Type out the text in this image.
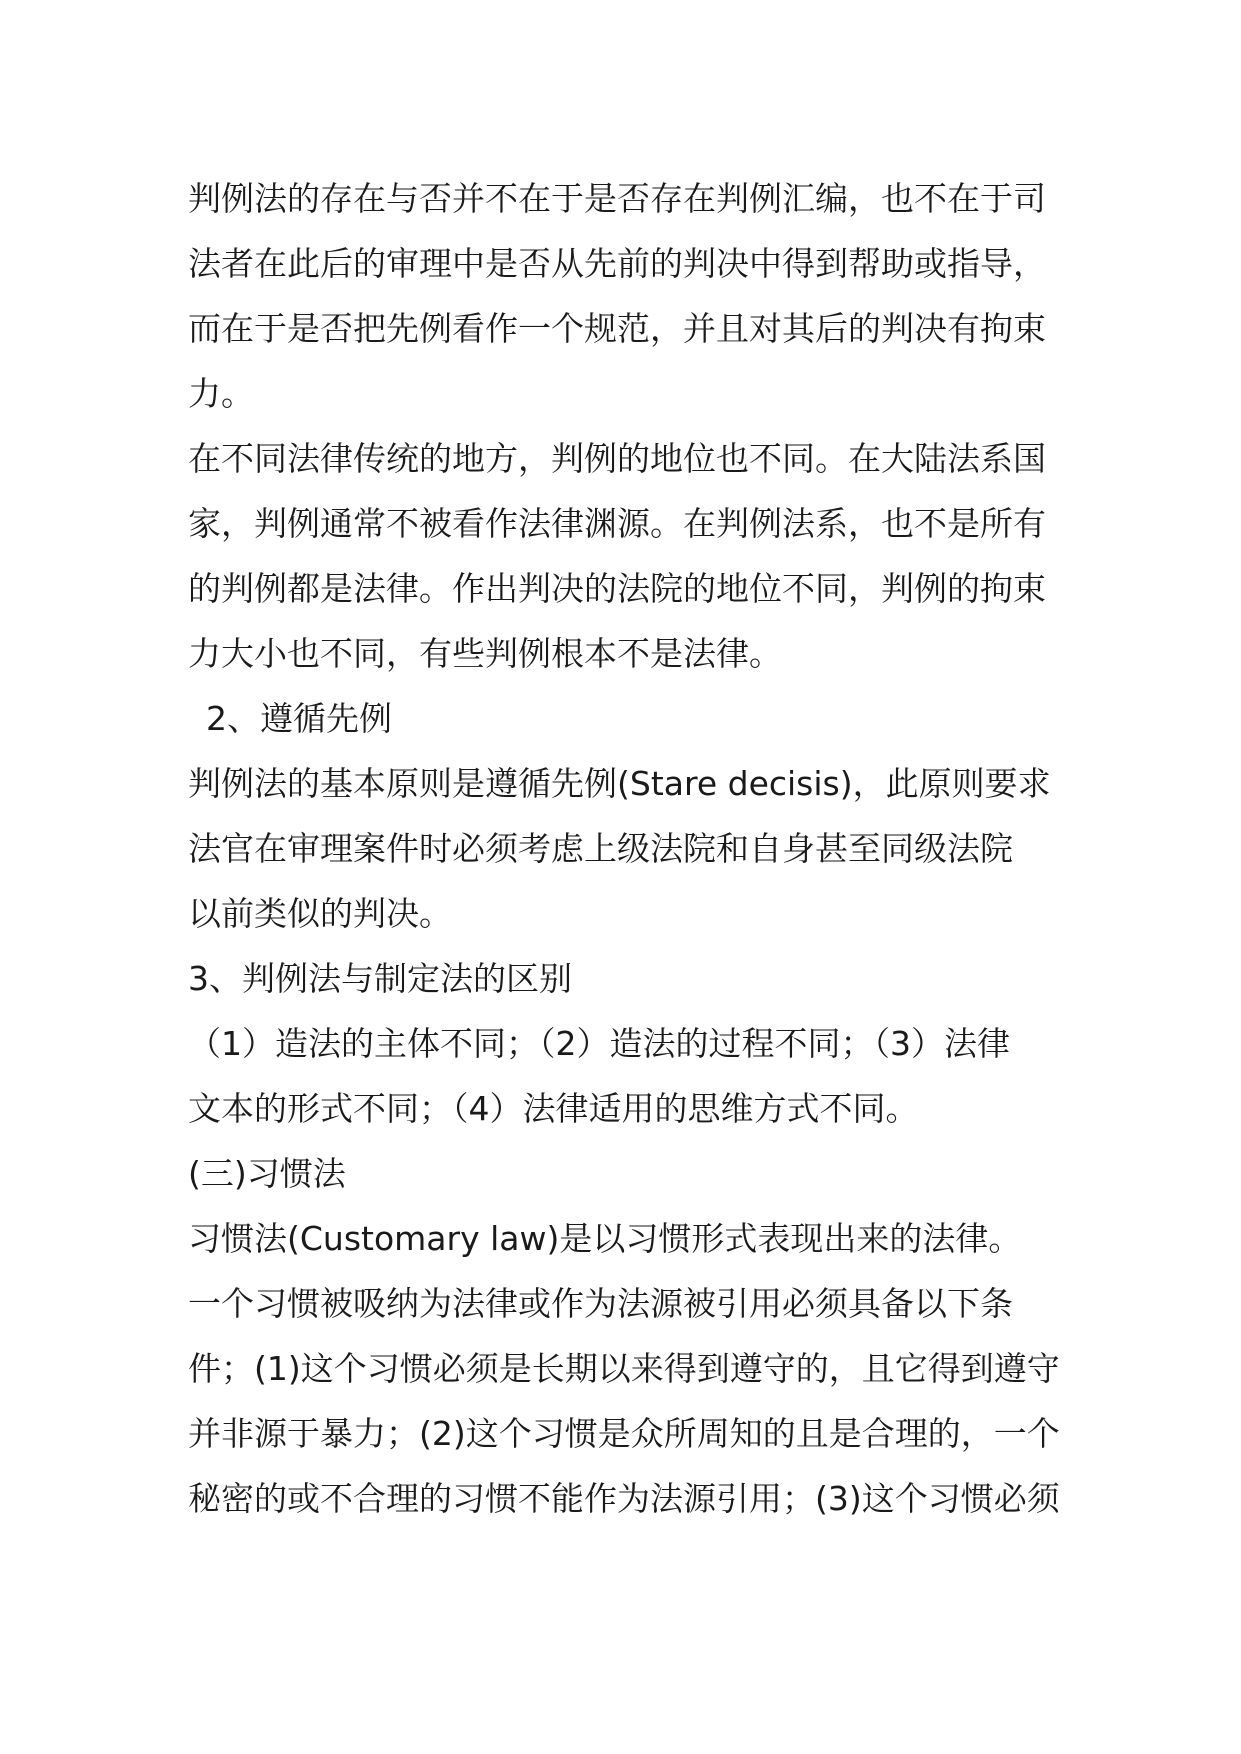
判例法的存在与否并不在于是否存在判例汇编，也不在于司
法者在此后的审理中是否从先前的判决中得到帮助或指导，
而在于是否把先例看作一个规范，并且对其后的判决有拘束
力。
在不同法律传统的地方，判例的地位也不同。在大陆法系国
家，判例通常不被看作法律渊源。在判例法系，也不是所有
的判例都是法律。作出判决的法院的地位不同，判例的拘束
力大小也不同，有些判例根本不是法律。
2、遵循先例
判例法的基本原则是遵循先例(Stare decisis)，此原则要求
法官在审理案件时必须考虑上级法院和自身甚至同级法院
以前类似的判决。
3、判例法与制定法的区别
（1）造法的主体不同；（2）造法的过程不同；（3）法律
文本的形式不同；（4）法律适用的思维方式不同。
(三)习惯法
习惯法(Customary law)是以习惯形式表现出来的法律。
一个习惯被吸纳为法律或作为法源被引用必须具备以下条
件；(1)这个习惯必须是长期以来得到遵守的，且它得到遵守
并非源于暴力；(2)这个习惯是众所周知的且是合理的，一个
秘密的或不合理的习惯不能作为法源引用；(3)这个习惯必须
